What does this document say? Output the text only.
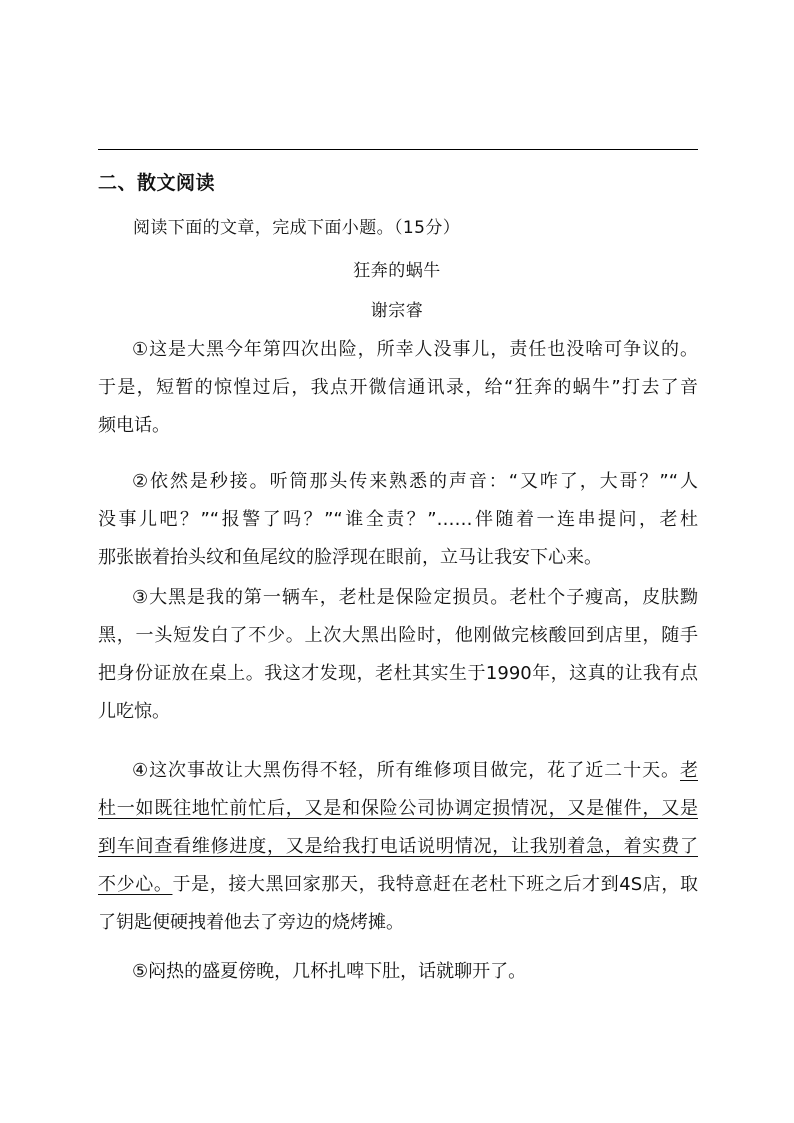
二、散文阅读
阅读下面的文章，完成下面小题。（15分）
狂奔的蜗牛
谢宗睿
①这是大黑今年第四次出险，所幸人没事儿，责任也没啥可争议的。
于是，短暂的惊惶过后，我点开微信通讯录，给“狂奔的蜗牛”打去了音
频电话。
②依然是秒接。听筒那头传来熟悉的声音：“又咋了，大哥？”“人
没事儿吧？”“报警了吗？”“谁全责？”……伴随着一连串提问，老杜
那张嵌着抬头纹和鱼尾纹的脸浮现在眼前，立马让我安下心来。
③大黑是我的第一辆车，老杜是保险定损员。老杜个子瘦高，皮肤黝
黑，一头短发白了不少。上次大黑出险时，他刚做完核酸回到店里，随手
把身份证放在桌上。我这才发现，老杜其实生于1990年，这真的让我有点
儿吃惊。
④这次事故让大黑伤得不轻，所有维修项目做完，花了近二十天。老
杜一如既往地忙前忙后，又是和保险公司协调定损情况，又是催件，又是
到车间查看维修进度，又是给我打电话说明情况，让我别着急，着实费了
不少心。于是，接大黑回家那天，我特意赶在老杜下班之后才到4S店，取
了钥匙便硬拽着他去了旁边的烧烤摊。
⑤闷热的盛夏傍晚，几杯扎啤下肚，话就聊开了。
